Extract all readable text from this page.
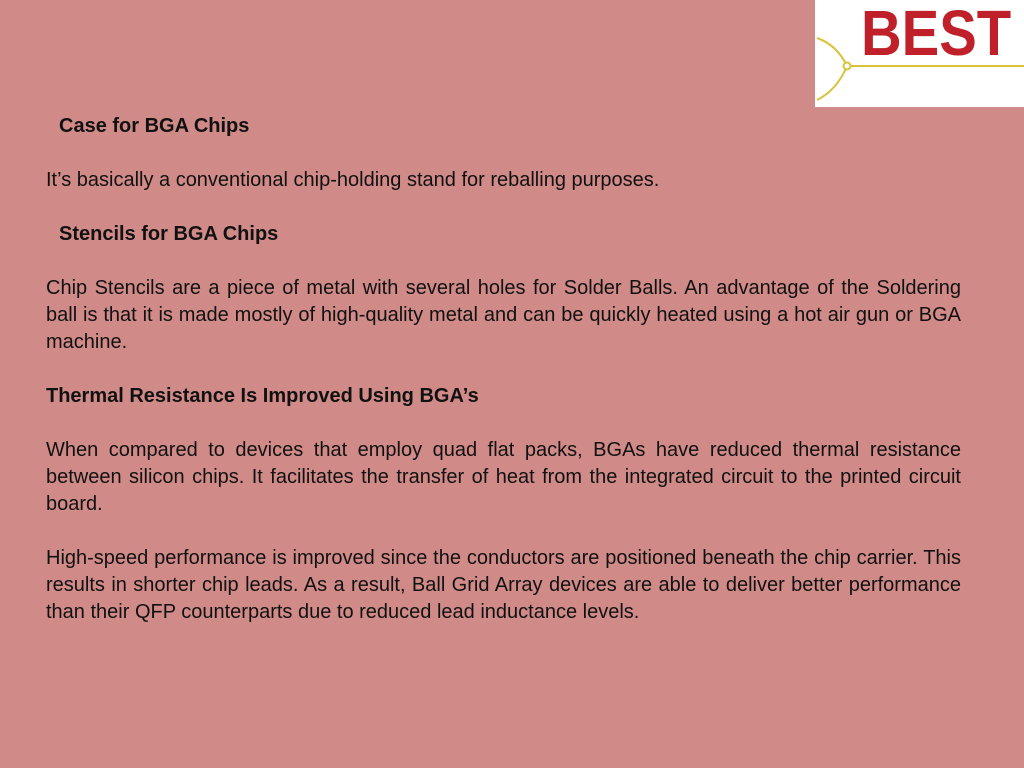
BEST

Case for BGA Chips

It’s basically a conventional chip-holding stand for reballing purposes.

Stencils for BGA Chips

Chip Stencils are a piece of metal with several holes for Solder Balls. An advantage of the Soldering ball is that it is made mostly of high-quality metal and can be quickly heated using a hot air gun or BGA machine.

Thermal Resistance Is Improved Using BGA’s

When compared to devices that employ quad flat packs, BGAs have reduced thermal resistance between silicon chips. It facilitates the transfer of heat from the integrated circuit to the printed circuit board.

High-speed performance is improved since the conductors are positioned beneath the chip carrier. This results in shorter chip leads. As a result, Ball Grid Array devices are able to deliver better performance than their QFP counterparts due to reduced lead inductance levels.
